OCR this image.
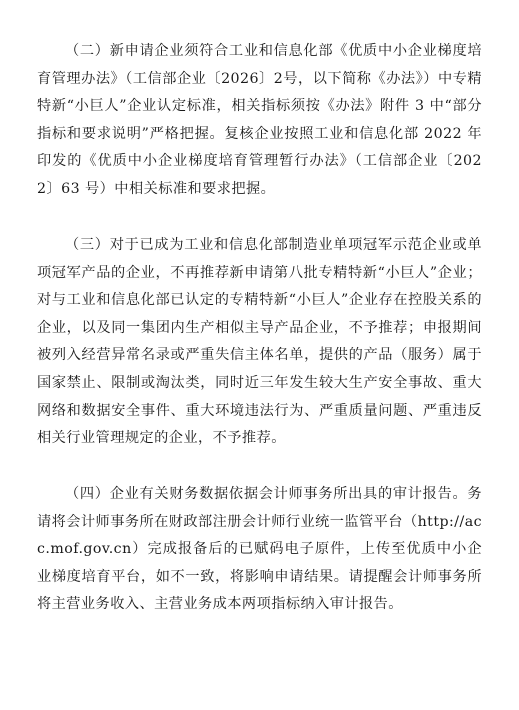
（二）新申请企业须符合工业和信息化部《优质中小企业梯度培育管理办法》（工信部企业〔2026〕2号，以下简称《办法》）中专精特新“小巨人”企业认定标准，相关指标须按《办法》附件 3 中“部分指标和要求说明”严格把握。复核企业按照工业和信息化部 2022 年印发的《优质中小企业梯度培育管理暂行办法》（工信部企业〔2022〕63 号）中相关标准和要求把握。

（三）对于已成为工业和信息化部制造业单项冠军示范企业或单项冠军产品的企业，不再推荐新申请第八批专精特新“小巨人”企业；对与工业和信息化部已认定的专精特新“小巨人”企业存在控股关系的企业，以及同一集团内生产相似主导产品企业，不予推荐；申报期间被列入经营异常名录或严重失信主体名单，提供的产品（服务）属于国家禁止、限制或淘汰类，同时近三年发生较大生产安全事故、重大网络和数据安全事件、重大环境违法行为、严重质量问题、严重违反相关行业管理规定的企业，不予推荐。

（四）企业有关财务数据依据会计师事务所出具的审计报告。务请将会计师事务所在财政部注册会计师行业统一监管平台（http://acc.mof.gov.cn）完成报备后的已赋码电子原件，上传至优质中小企业梯度培育平台，如不一致，将影响申请结果。请提醒会计师事务所将主营业务收入、主营业务成本两项指标纳入审计报告。
